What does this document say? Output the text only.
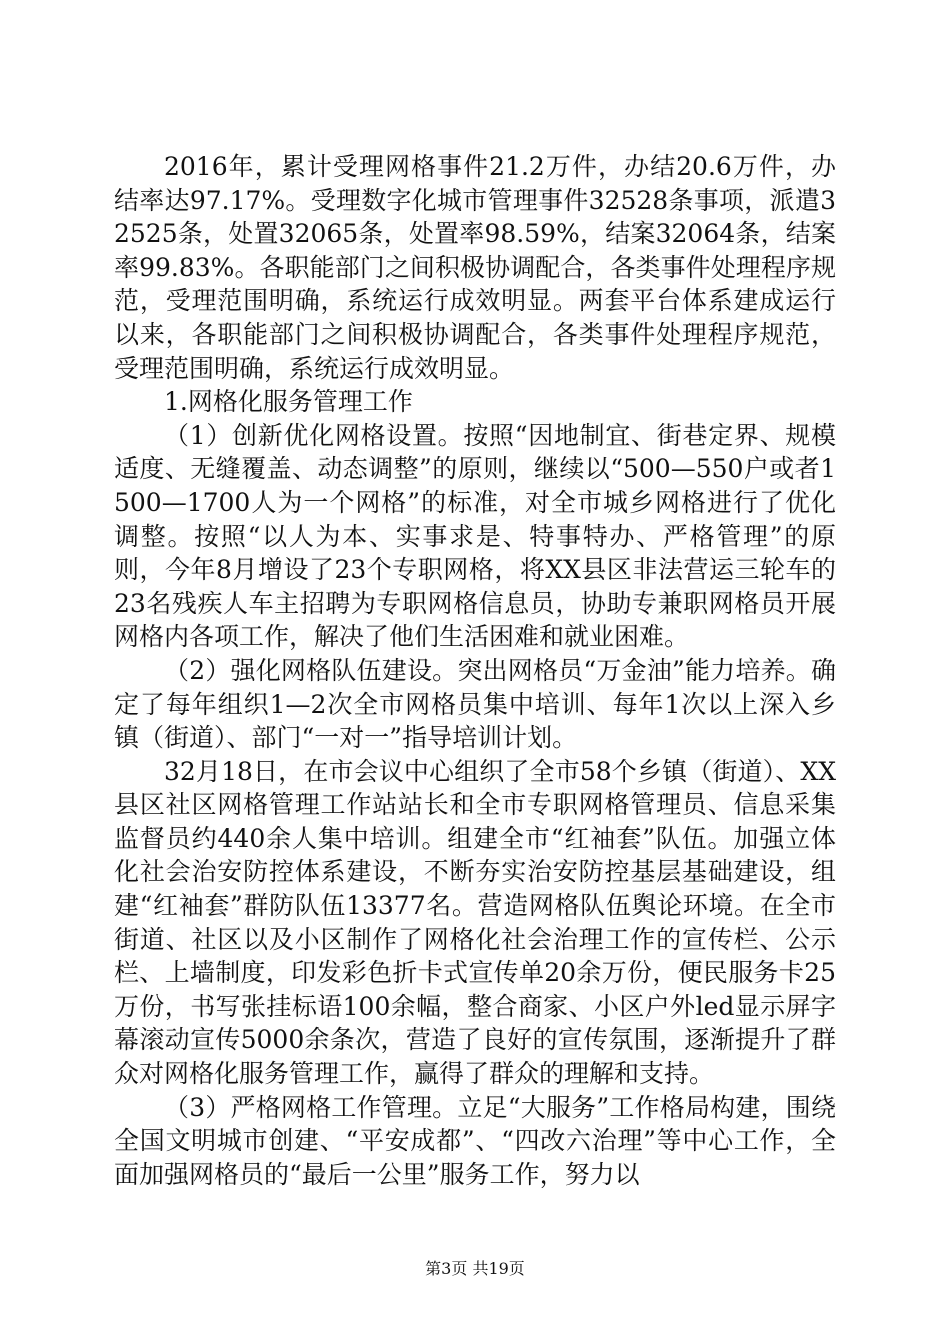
2016年，累计受理网格事件21.2万件，办结20.6万件，办结率达97.17%。受理数字化城市管理事件32528条事项，派遣32525条，处置32065条，处置率98.59%，结案32064条，结案率99.83%。各职能部门之间积极协调配合，各类事件处理程序规范，受理范围明确，系统运行成效明显。两套平台体系建成运行以来，各职能部门之间积极协调配合，各类事件处理程序规范，受理范围明确，系统运行成效明显。

1.网格化服务管理工作

（1）创新优化网格设置。按照“因地制宜、街巷定界、规模适度、无缝覆盖、动态调整”的原则，继续以“500—550户或者1500—1700人为一个网格”的标准，对全市城乡网格进行了优化调整。按照“以人为本、实事求是、特事特办、严格管理”的原则，今年8月增设了23个专职网格，将XX县区非法营运三轮车的23名残疾人车主招聘为专职网格信息员，协助专兼职网格员开展网格内各项工作，解决了他们生活困难和就业困难。

（2）强化网格队伍建设。突出网格员“万金油”能力培养。确定了每年组织1—2次全市网格员集中培训、每年1次以上深入乡镇（街道）、部门“一对一”指导培训计划。

32月18日，在市会议中心组织了全市58个乡镇（街道）、XX县区社区网格管理工作站站长和全市专职网格管理员、信息采集监督员约440余人集中培训。组建全市“红袖套”队伍。加强立体化社会治安防控体系建设，不断夯实治安防控基层基础建设，组建“红袖套”群防队伍13377名。营造网格队伍舆论环境。在全市街道、社区以及小区制作了网格化社会治理工作的宣传栏、公示栏、上墙制度，印发彩色折卡式宣传单20余万份，便民服务卡25万份，书写张挂标语100余幅，整合商家、小区户外led显示屏字幕滚动宣传5000余条次，营造了良好的宣传氛围，逐渐提升了群众对网格化服务管理工作，赢得了群众的理解和支持。

（3）严格网格工作管理。立足“大服务”工作格局构建，围绕全国文明城市创建、“平安成都”、“四改六治理”等中心工作，全面加强网格员的“最后一公里”服务工作，努力以

第3页 共19页
